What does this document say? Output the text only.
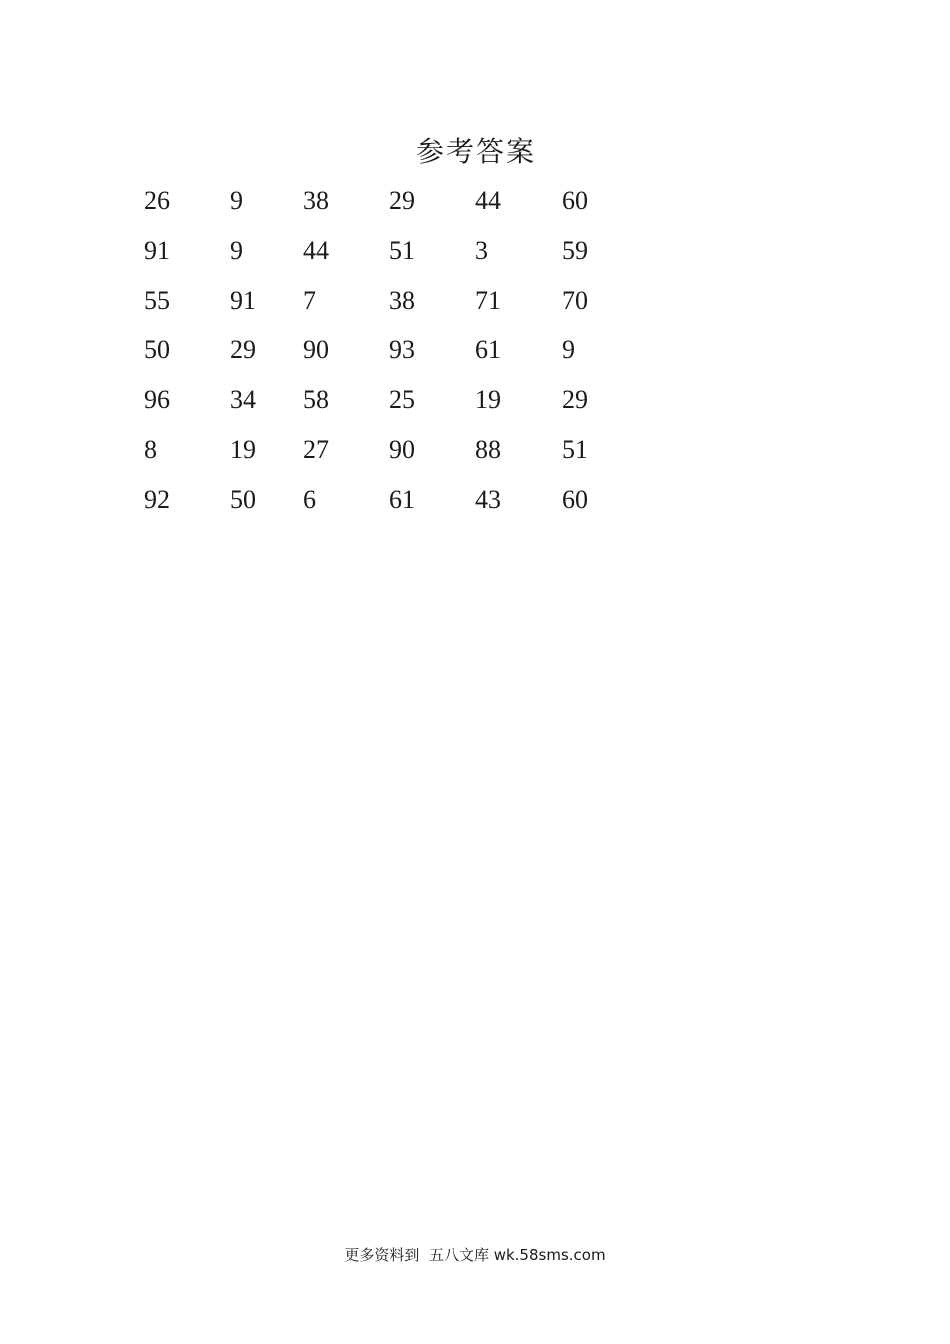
参考答案
26 9 38 29 44 60
91 9 44 51 3	59
55 91 7	38 71 70
50 29 90 93 61 9
96 34 58 25 19 29
8	19 27 90 88 51
92 50 6	61 43 60
更多资料到  五八文库 wk.58sms.com
